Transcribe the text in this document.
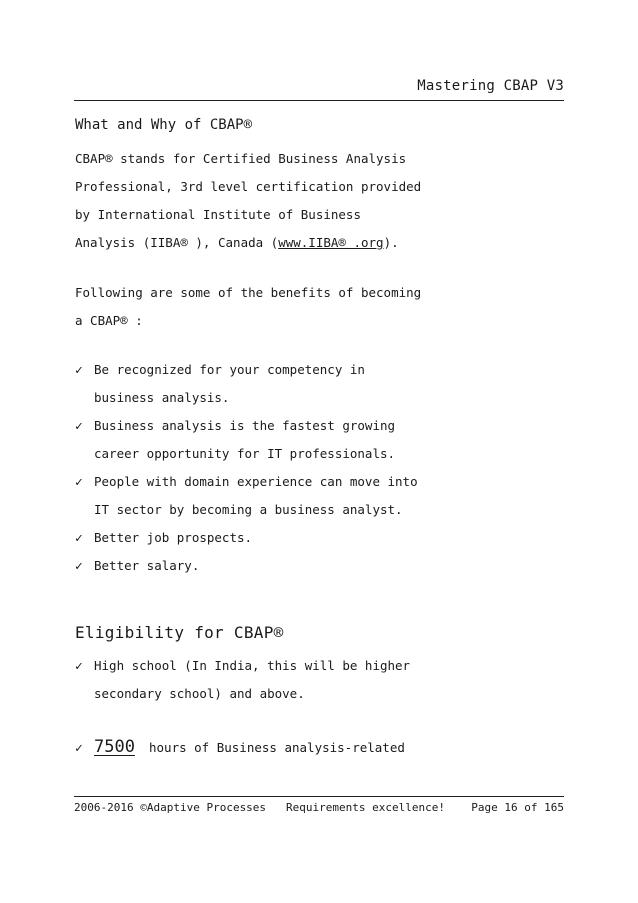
Mastering CBAP V3
What and Why of CBAP®
CBAP® stands for Certified Business Analysis
Professional, 3rd level certification provided
by International Institute of Business
Analysis (IIBA® ), Canada (www.IIBA® .org).
Following are some of the benefits of becoming
a CBAP® :
✓ Be recognized for your competency in
business analysis.
✓ Business analysis is the fastest growing
career opportunity for IT professionals.
✓ People with domain experience can move into
IT sector by becoming a business analyst.
✓ Better job prospects.
✓ Better salary.
Eligibility for CBAP®
✓ High school (In India, this will be higher
secondary school) and above.
✓ 7500 hours of Business analysis-related
2006-2016 ©Adaptive Processes Requirements excellence! Page 16 of 165
